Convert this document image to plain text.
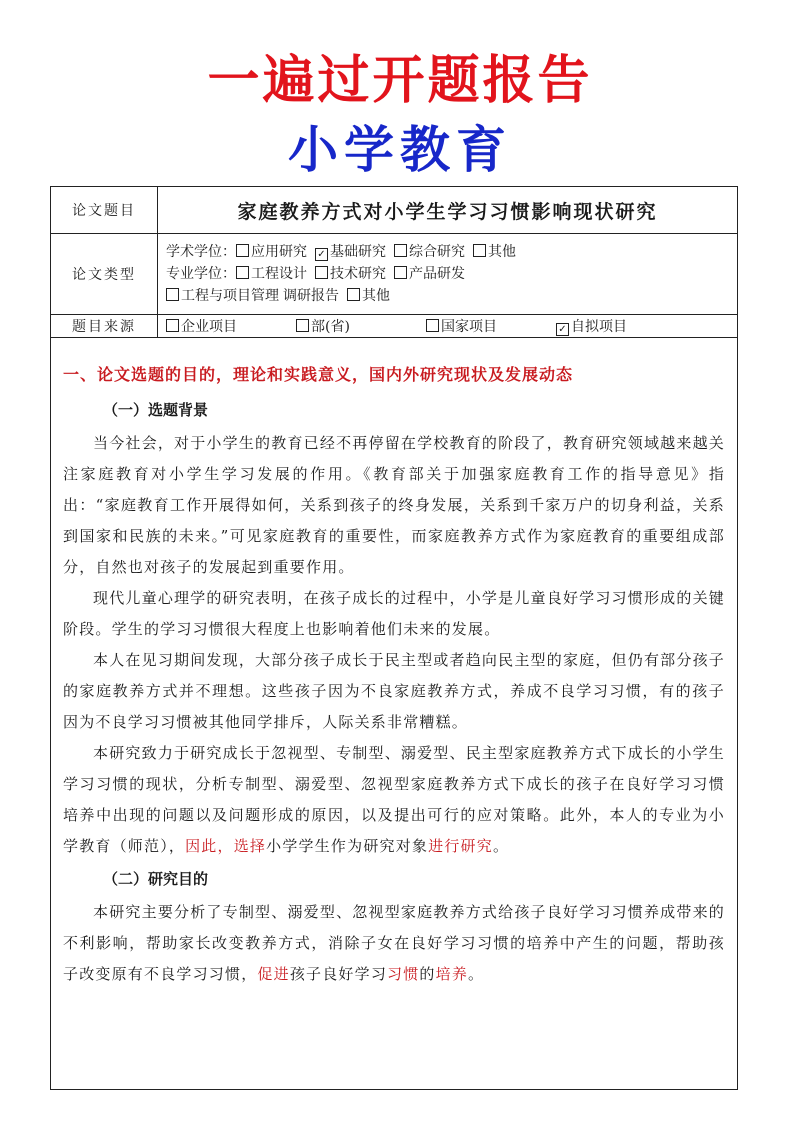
一遍过开题报告
小学教育
论文题目	家庭教养方式对小学生学习习惯影响现状研究
论文类型	学术学位： 应用研究 ✓ 基础研究 综合研究 其他
专业学位： 工程设计 技术研究 产品研发
工程与项目管理 调研报告 其他

题目来源	企业项目 部(省) 国家项目 ✓ 自拟项目
一、论文选题的目的，理论和实践意义，国内外研究现状及发展动态
（一）选题背景

当今社会，对于小学生的教育已经不再停留在学校教育的阶段了，教育研究领域越来越关注家庭教育对小学生学习发展的作用。《教育部关于加强家庭教育工作的指导意见》指出：“家庭教育工作开展得如何，关系到孩子的终身发展，关系到千家万户的切身利益，关系到国家和民族的未来。”可见家庭教育的重要性，而家庭教养方式作为家庭教育的重要组成部分，自然也对孩子的发展起到重要作用。

现代儿童心理学的研究表明，在孩子成长的过程中，小学是儿童良好学习习惯形成的关键阶段。学生的学习习惯很大程度上也影响着他们未来的发展。

本人在见习期间发现，大部分孩子成长于民主型或者趋向民主型的家庭，但仍有部分孩子的家庭教养方式并不理想。这些孩子因为不良家庭教养方式，养成不良学习习惯，有的孩子因为不良学习习惯被其他同学排斥，人际关系非常糟糕。

本研究致力于研究成长于忽视型、专制型、溺爱型、民主型家庭教养方式下成长的小学生学习习惯的现状，分析专制型、溺爱型、忽视型家庭教养方式下成长的孩子在良好学习习惯培养中出现的问题以及问题形成的原因，以及提出可行的应对策略。此外，本人的专业为小学教育（师范），因此，选择小学学生作为研究对象进行研究。

（二）研究目的

本研究主要分析了专制型、溺爱型、忽视型家庭教养方式给孩子良好学习习惯养成带来的不利影响，帮助家长改变教养方式，消除子女在良好学习习惯的培养中产生的问题，帮助孩子改变原有不良学习习惯，促进孩子良好学习习惯的培养。
